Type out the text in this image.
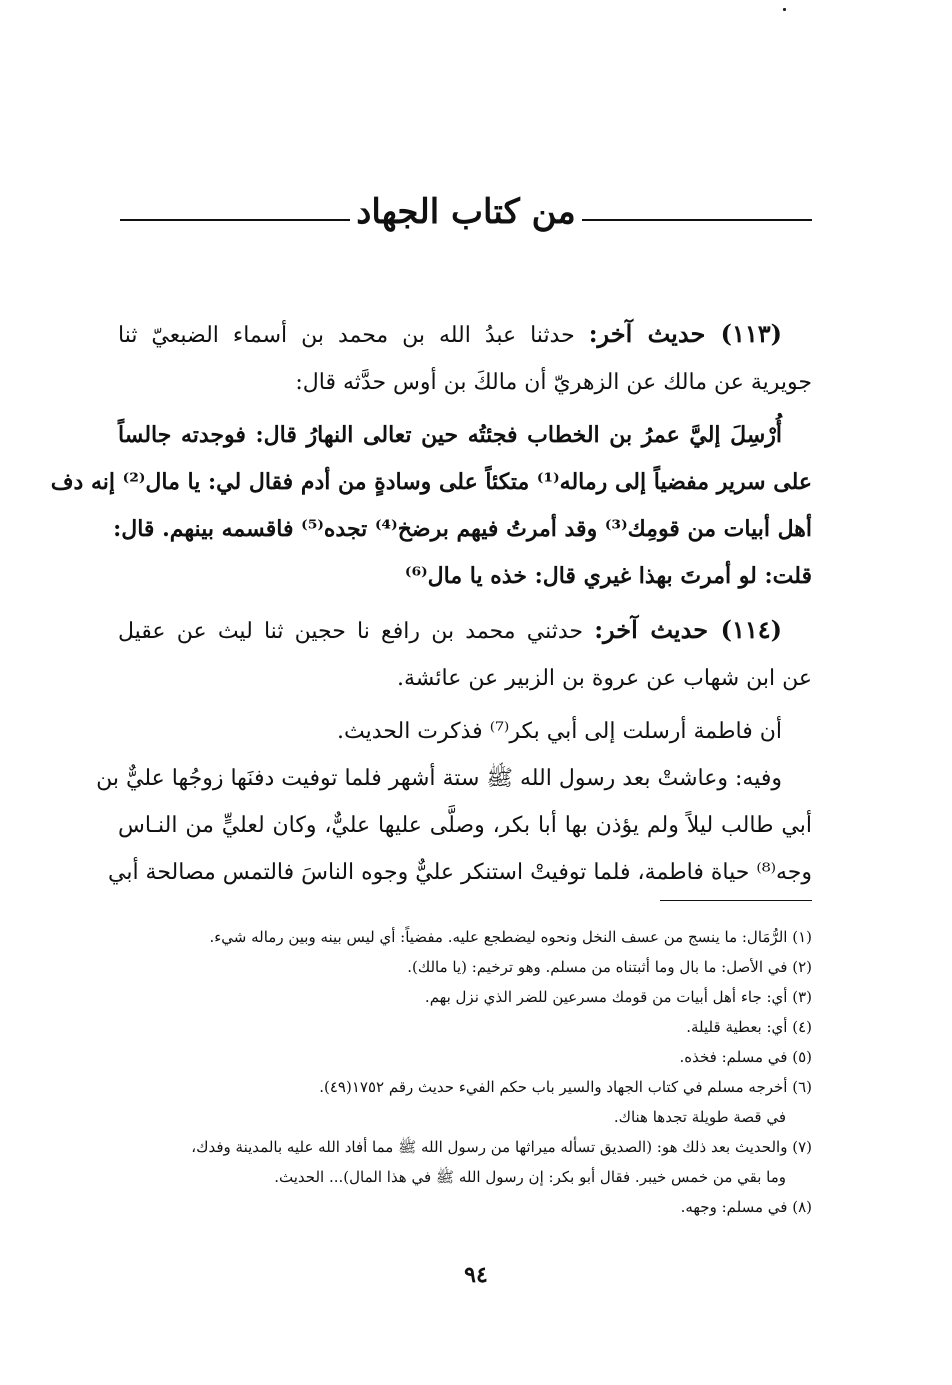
من كتاب الجهاد
(١١٣) حديث آخر: حدثنا عبدُ الله بن محمد بن أسماء الضبعيّ ثنا
جويرية عن مالك عن الزهريّ أن مالكَ بن أوس حدَّثه قال:
أُرْسِلَ إليَّ عمرُ بن الخطاب فجئتُه حين تعالى النهارُ قال: فوجدته جالساً
على سرير مفضياً إلى رماله⁽¹⁾ متكئاً على وسادةٍ من أدم فقال لي: يا مال⁽²⁾ إنه دف
أهل أبيات من قومِك⁽³⁾ وقد أمرتُ فيهم برضخ⁽⁴⁾ تجده⁽⁵⁾ فاقسمه بينهم. قال:
قلت: لو أمرتَ بهذا غيري قال: خذه يا مال⁽⁶⁾
(١١٤) حديث آخر: حدثني محمد بن رافع نا حجين ثنا ليث عن عقيل
عن ابن شهاب عن عروة بن الزبير عن عائشة.
أن فاطمة أرسلت إلى أبي بكر⁽⁷⁾ فذكرت الحديث.
وفيه: وعاشتْ بعد رسول الله ﷺ ستة أشهر فلما توفيت دفنَها زوجُها عليٌّ بن
أبي طالب ليلاً ولم يؤذن بها أبا بكر، وصلَّى عليها عليٌّ، وكان لعليٍّ من النـاس
وجه⁽⁸⁾ حياة فاطمة، فلما توفيتْ استنكر عليٌّ وجوه الناسَ فالتمس مصالحة أبي
(١) الرُّمَال: ما ينسج من عسف النخل ونحوه ليضطجع عليه. مفضياً: أي ليس بينه وبين رماله شيء.
(٢) في الأصل: ما بال وما أثبتناه من مسلم. وهو ترخيم: (يا مالك).
(٣) أي: جاء أهل أبيات من قومك مسرعين للضر الذي نزل بهم.
(٤) أي: بعطية قليلة.
(٥) في مسلم: فخذه.
(٦) أخرجه مسلم في كتاب الجهاد والسير باب حكم الفيء حديث رقم ١٧٥٢(٤٩).
في قصة طويلة تجدها هناك.
(٧) والحديث بعد ذلك هو: (الصديق تسأله ميراثها من رسول الله ﷺ مما أفاد الله عليه بالمدينة وفدك،
وما بقي من خمس خيبر. فقال أبو بكر: إن رسول الله ﷺ في هذا المال)... الحديث.
(٨) في مسلم: وجهه.
٩٤
